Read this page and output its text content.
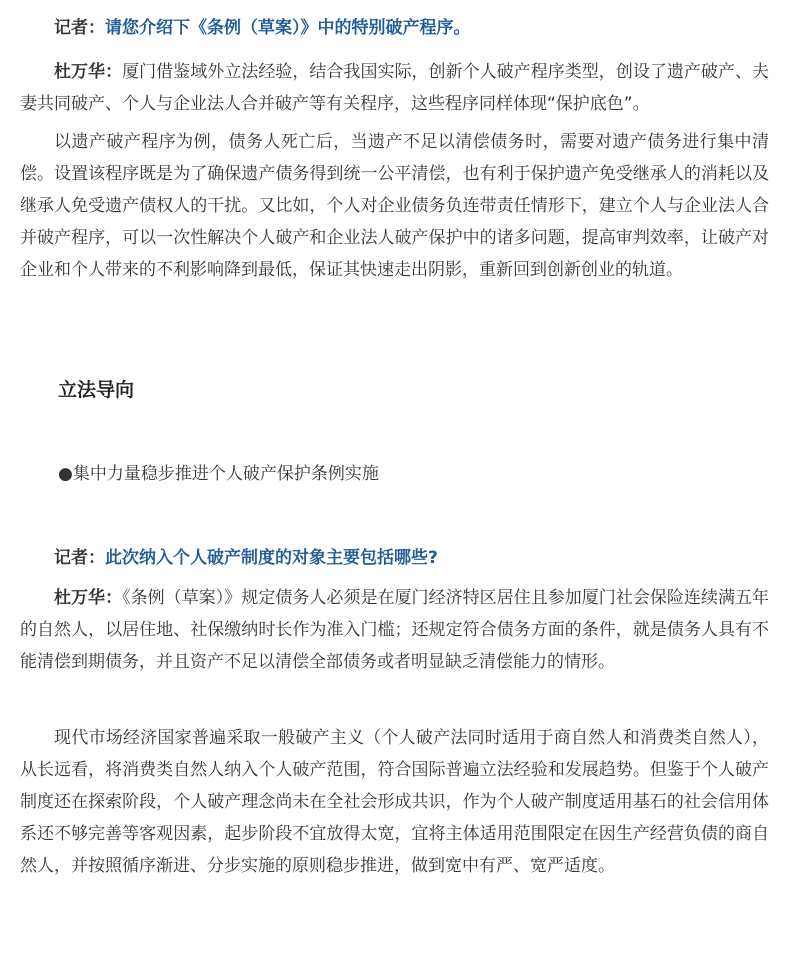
记者：请您介绍下《条例（草案）》中的特别破产程序。

杜万华：厦门借鉴域外立法经验，结合我国实际，创新个人破产程序类型，创设了遗产破产、夫妻共同破产、个人与企业法人合并破产等有关程序，这些程序同样体现“保护底色”。

以遗产破产程序为例，债务人死亡后，当遗产不足以清偿债务时，需要对遗产债务进行集中清偿。设置该程序既是为了确保遗产债务得到统一公平清偿，也有利于保护遗产免受继承人的消耗以及继承人免受遗产债权人的干扰。又比如，个人对企业债务负连带责任情形下，建立个人与企业法人合并破产程序，可以一次性解决个人破产和企业法人破产保护中的诸多问题，提高审判效率，让破产对企业和个人带来的不利影响降到最低，保证其快速走出阴影，重新回到创新创业的轨道。

立法导向

●集中力量稳步推进个人破产保护条例实施

记者：此次纳入个人破产制度的对象主要包括哪些?

杜万华：《条例（草案）》规定债务人必须是在厦门经济特区居住且参加厦门社会保险连续满五年的自然人，以居住地、社保缴纳时长作为准入门槛；还规定符合债务方面的条件，就是债务人具有不能清偿到期债务，并且资产不足以清偿全部债务或者明显缺乏清偿能力的情形。

现代市场经济国家普遍采取一般破产主义（个人破产法同时适用于商自然人和消费类自然人），从长远看，将消费类自然人纳入个人破产范围，符合国际普遍立法经验和发展趋势。但鉴于个人破产制度还在探索阶段，个人破产理念尚未在全社会形成共识，作为个人破产制度适用基石的社会信用体系还不够完善等客观因素，起步阶段不宜放得太宽，宜将主体适用范围限定在因生产经营负债的商自然人，并按照循序渐进、分步实施的原则稳步推进，做到宽中有严、宽严适度。
